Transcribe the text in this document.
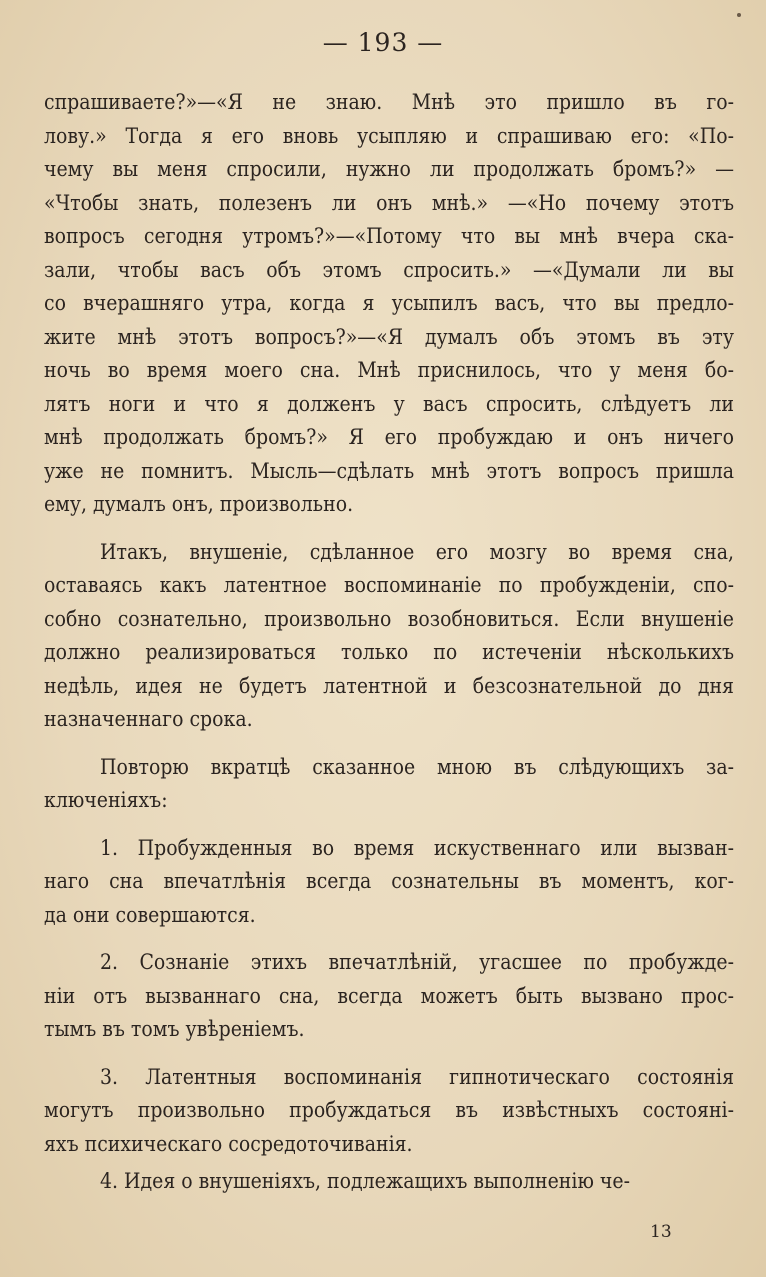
— 193 —
спрашиваете?»—«Я не знаю. Мнѣ это пришло въ го-
лову.» Тогда я его вновь усыпляю и спрашиваю его: «По-
чему вы меня спросили, нужно ли продолжать бромъ?» —
«Чтобы знать, полезенъ ли онъ мнѣ.» —«Но почему этотъ
вопросъ сегодня утромъ?»—«Потому что вы мнѣ вчера ска-
зали, чтобы васъ объ этомъ спросить.» —«Думали ли вы
со вчерашняго утра, когда я усыпилъ васъ, что вы предло-
жите мнѣ этотъ вопросъ?»—«Я думалъ объ этомъ въ эту
ночь во время моего сна. Мнѣ приснилось, что у меня бо-
лятъ ноги и что я долженъ у васъ спросить, слѣдуетъ ли
мнѣ продолжать бромъ?» Я его пробуждаю и онъ ничего
уже не помнитъ. Мысль—сдѣлать мнѣ этотъ вопросъ пришла
ему, думалъ онъ, произвольно.
Итакъ, внушеніе, сдѣланное его мозгу во время сна,
оставаясь какъ латентное воспоминаніе по пробужденіи, спо-
собно сознательно, произвольно возобновиться. Если внушеніе
должно реализироваться только по истеченіи нѣсколькихъ
недѣль, идея не будетъ латентной и безсознательной до дня
назначеннаго срока.
Повторю вкратцѣ сказанное мною въ слѣдующихъ за-
ключеніяхъ:
1. Пробужденныя во время искуственнаго или вызван-
наго сна впечатлѣнія всегда сознательны въ моментъ, ког-
да они совершаются.
2. Сознаніе этихъ впечатлѣній, угасшее по пробужде-
ніи отъ вызваннаго сна, всегда можетъ быть вызвано прос-
тымъ въ томъ увѣреніемъ.
3. Латентныя воспоминанія гипнотическаго состоянія
могутъ произвольно пробуждаться въ извѣстныхъ состоянi-
яхъ психическаго сосредоточиванія.
4. Идея о внушеніяхъ, подлежащихъ выполненію че-
13
